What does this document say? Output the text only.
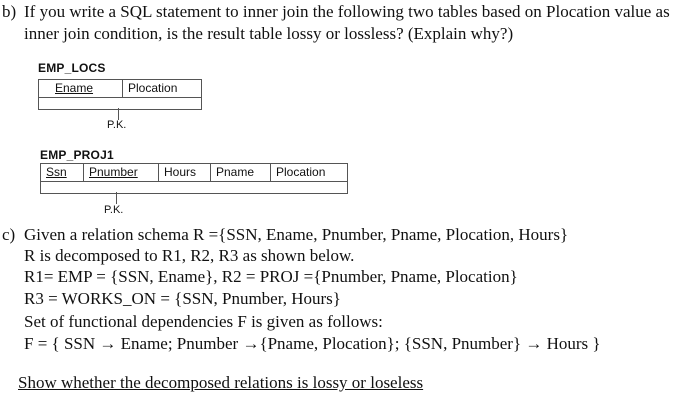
b) If you write a SQL statement to inner join the following two tables based on Plocation value as
inner join condition, is the result table lossy or lossless? (Explain why?)
EMP_LOCS
Ename	Plocation
P.K.
EMP_PROJ1
Ssn	Pnumber	Hours	Pname	Plocation
P.K.
c) Given a relation schema R ={SSN, Ename, Pnumber, Pname, Plocation, Hours}
R is decomposed to R1, R2, R3 as shown below.
R1= EMP = {SSN, Ename}, R2 = PROJ ={Pnumber, Pname, Plocation}
R3 = WORKS_ON = {SSN, Pnumber, Hours}
Set of functional dependencies F is given as follows:
F = { SSN → Ename; Pnumber →{Pname, Plocation}; {SSN, Pnumber} → Hours }
Show whether the decomposed relations is lossy or loseless
